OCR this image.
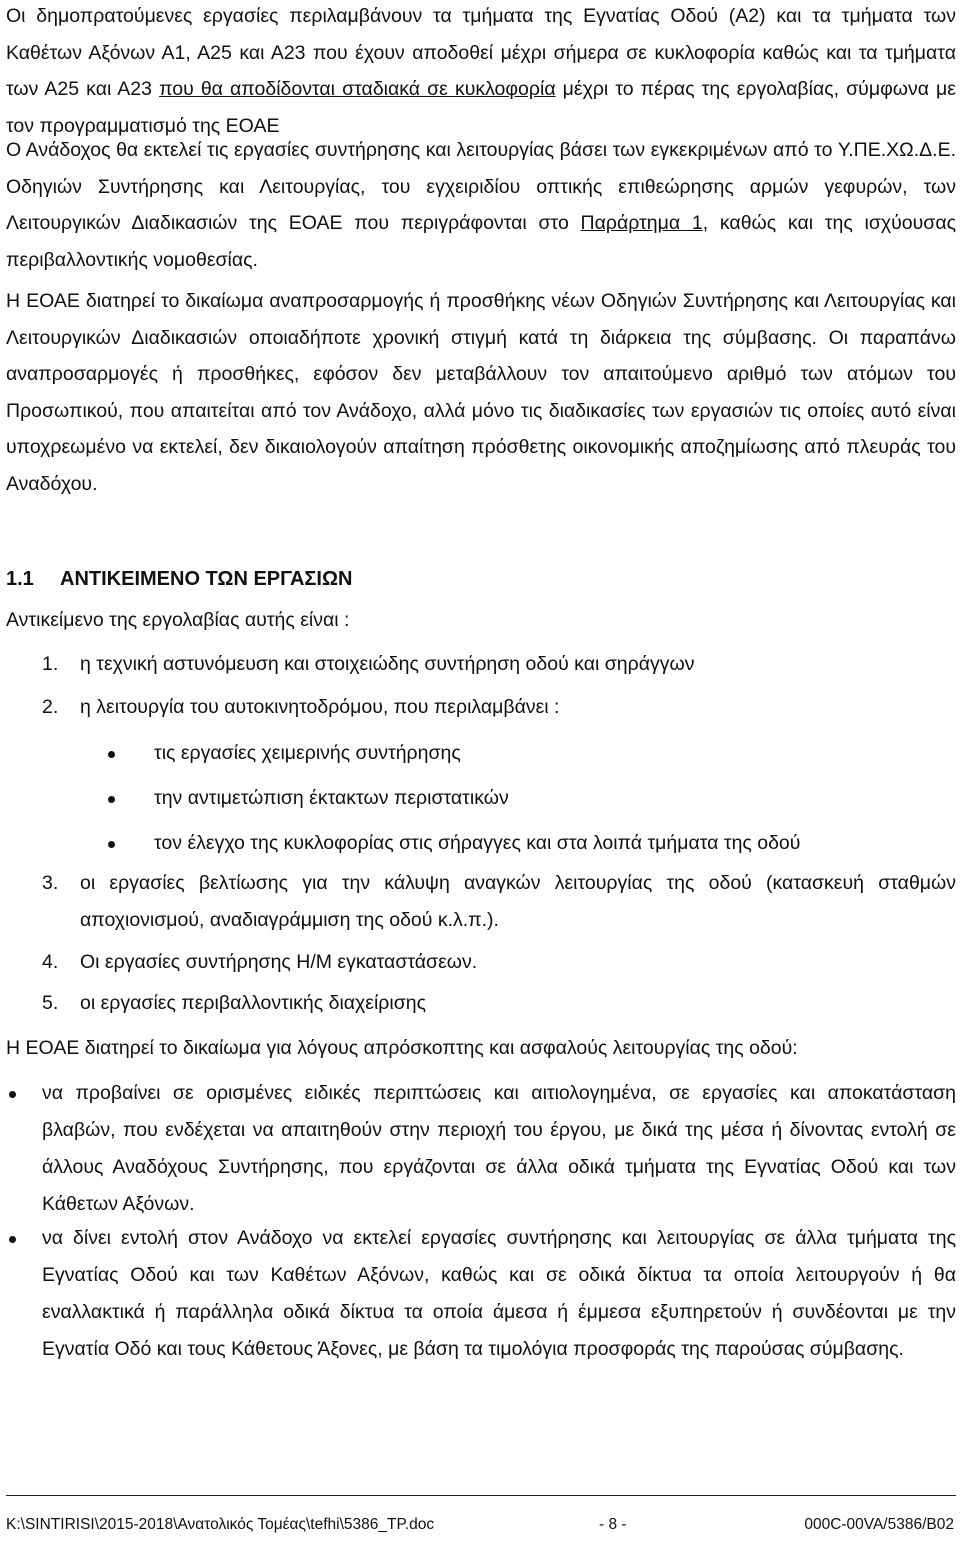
Οι δημοπρατούμενες εργασίες περιλαμβάνουν τα τμήματα της Εγνατίας Οδού (Α2) και τα τμήματα των Καθέτων Αξόνων Α1, Α25 και Α23 που έχουν αποδοθεί μέχρι σήμερα σε κυκλοφορία καθώς και τα τμήματα των Α25 και Α23 που θα αποδίδονται σταδιακά σε κυκλοφορία μέχρι το πέρας της εργολαβίας, σύμφωνα με τον προγραμματισμό της ΕΟΑΕ

Ο Ανάδοχος θα εκτελεί τις εργασίες συντήρησης και λειτουργίας βάσει των εγκεκριμένων από το Υ.ΠΕ.ΧΩ.Δ.Ε. Οδηγιών Συντήρησης και Λειτουργίας, του εγχειριδίου οπτικής επιθεώρησης αρμών γεφυρών, των Λειτουργικών Διαδικασιών της ΕΟΑΕ που περιγράφονται στο Παράρτημα 1, καθώς και της ισχύουσας περιβαλλοντικής νομοθεσίας.

Η ΕΟΑΕ διατηρεί το δικαίωμα αναπροσαρμογής ή προσθήκης νέων Οδηγιών Συντήρησης και Λειτουργίας και Λειτουργικών Διαδικασιών οποιαδήποτε χρονική στιγμή κατά τη διάρκεια της σύμβασης. Οι παραπάνω αναπροσαρμογές ή προσθήκες, εφόσον δεν μεταβάλλουν τον απαιτούμενο αριθμό των ατόμων του Προσωπικού, που απαιτείται από τον Ανάδοχο, αλλά μόνο τις διαδικασίες των εργασιών τις οποίες αυτό είναι υποχρεωμένο να εκτελεί, δεν δικαιολογούν απαίτηση πρόσθετης οικονομικής αποζημίωσης από πλευράς του Αναδόχου.

1.1 ΑΝΤΙΚΕΙΜΕΝΟ ΤΩΝ ΕΡΓΑΣΙΩΝ
Αντικείμενο της εργολαβίας αυτής είναι :
1. η τεχνική αστυνόμευση και στοιχειώδης συντήρηση οδού και σηράγγων
2. η λειτουργία του αυτοκινητοδρόμου, που περιλαμβάνει :
τις εργασίες χειμερινής συντήρησης
την αντιμετώπιση έκτακτων περιστατικών
τον έλεγχο της κυκλοφορίας στις σήραγγες και στα λοιπά τμήματα της οδού
3. οι εργασίες βελτίωσης για την κάλυψη αναγκών λειτουργίας της οδού (κατασκευή σταθμών αποχιονισμού, αναδιαγράμμιση της οδού κ.λ.π.).
4. Οι εργασίες συντήρησης Η/Μ εγκαταστάσεων.
5. οι εργασίες περιβαλλοντικής διαχείρισης
Η ΕΟΑΕ διατηρεί το δικαίωμα για λόγους απρόσκοπτης και ασφαλούς λειτουργίας της οδού:
να προβαίνει σε ορισμένες ειδικές περιπτώσεις και αιτιολογημένα, σε εργασίες και αποκατάσταση βλαβών, που ενδέχεται να απαιτηθούν στην περιοχή του έργου, με δικά της μέσα ή δίνοντας εντολή σε άλλους Αναδόχους Συντήρησης, που εργάζονται σε άλλα οδικά τμήματα της Εγνατίας Οδού και των Κάθετων Αξόνων.
να δίνει εντολή στον Ανάδοχο να εκτελεί εργασίες συντήρησης και λειτουργίας σε άλλα τμήματα της Εγνατίας Οδού και των Καθέτων Αξόνων, καθώς και σε οδικά δίκτυα τα οποία λειτουργούν ή θα εναλλακτικά ή παράλληλα οδικά δίκτυα τα οποία άμεσα ή έμμεσα εξυπηρετούν ή συνδέονται με την Εγνατία Οδό και τους Κάθετους Άξονες, με βάση τα τιμολόγια προσφοράς της παρούσας σύμβασης.
K:\SINTIRISI\2015-2018\Ανατολικός Τομέας\tefhi\5386_TP.doc	- 8 -	000C-00VA/5386/B02
